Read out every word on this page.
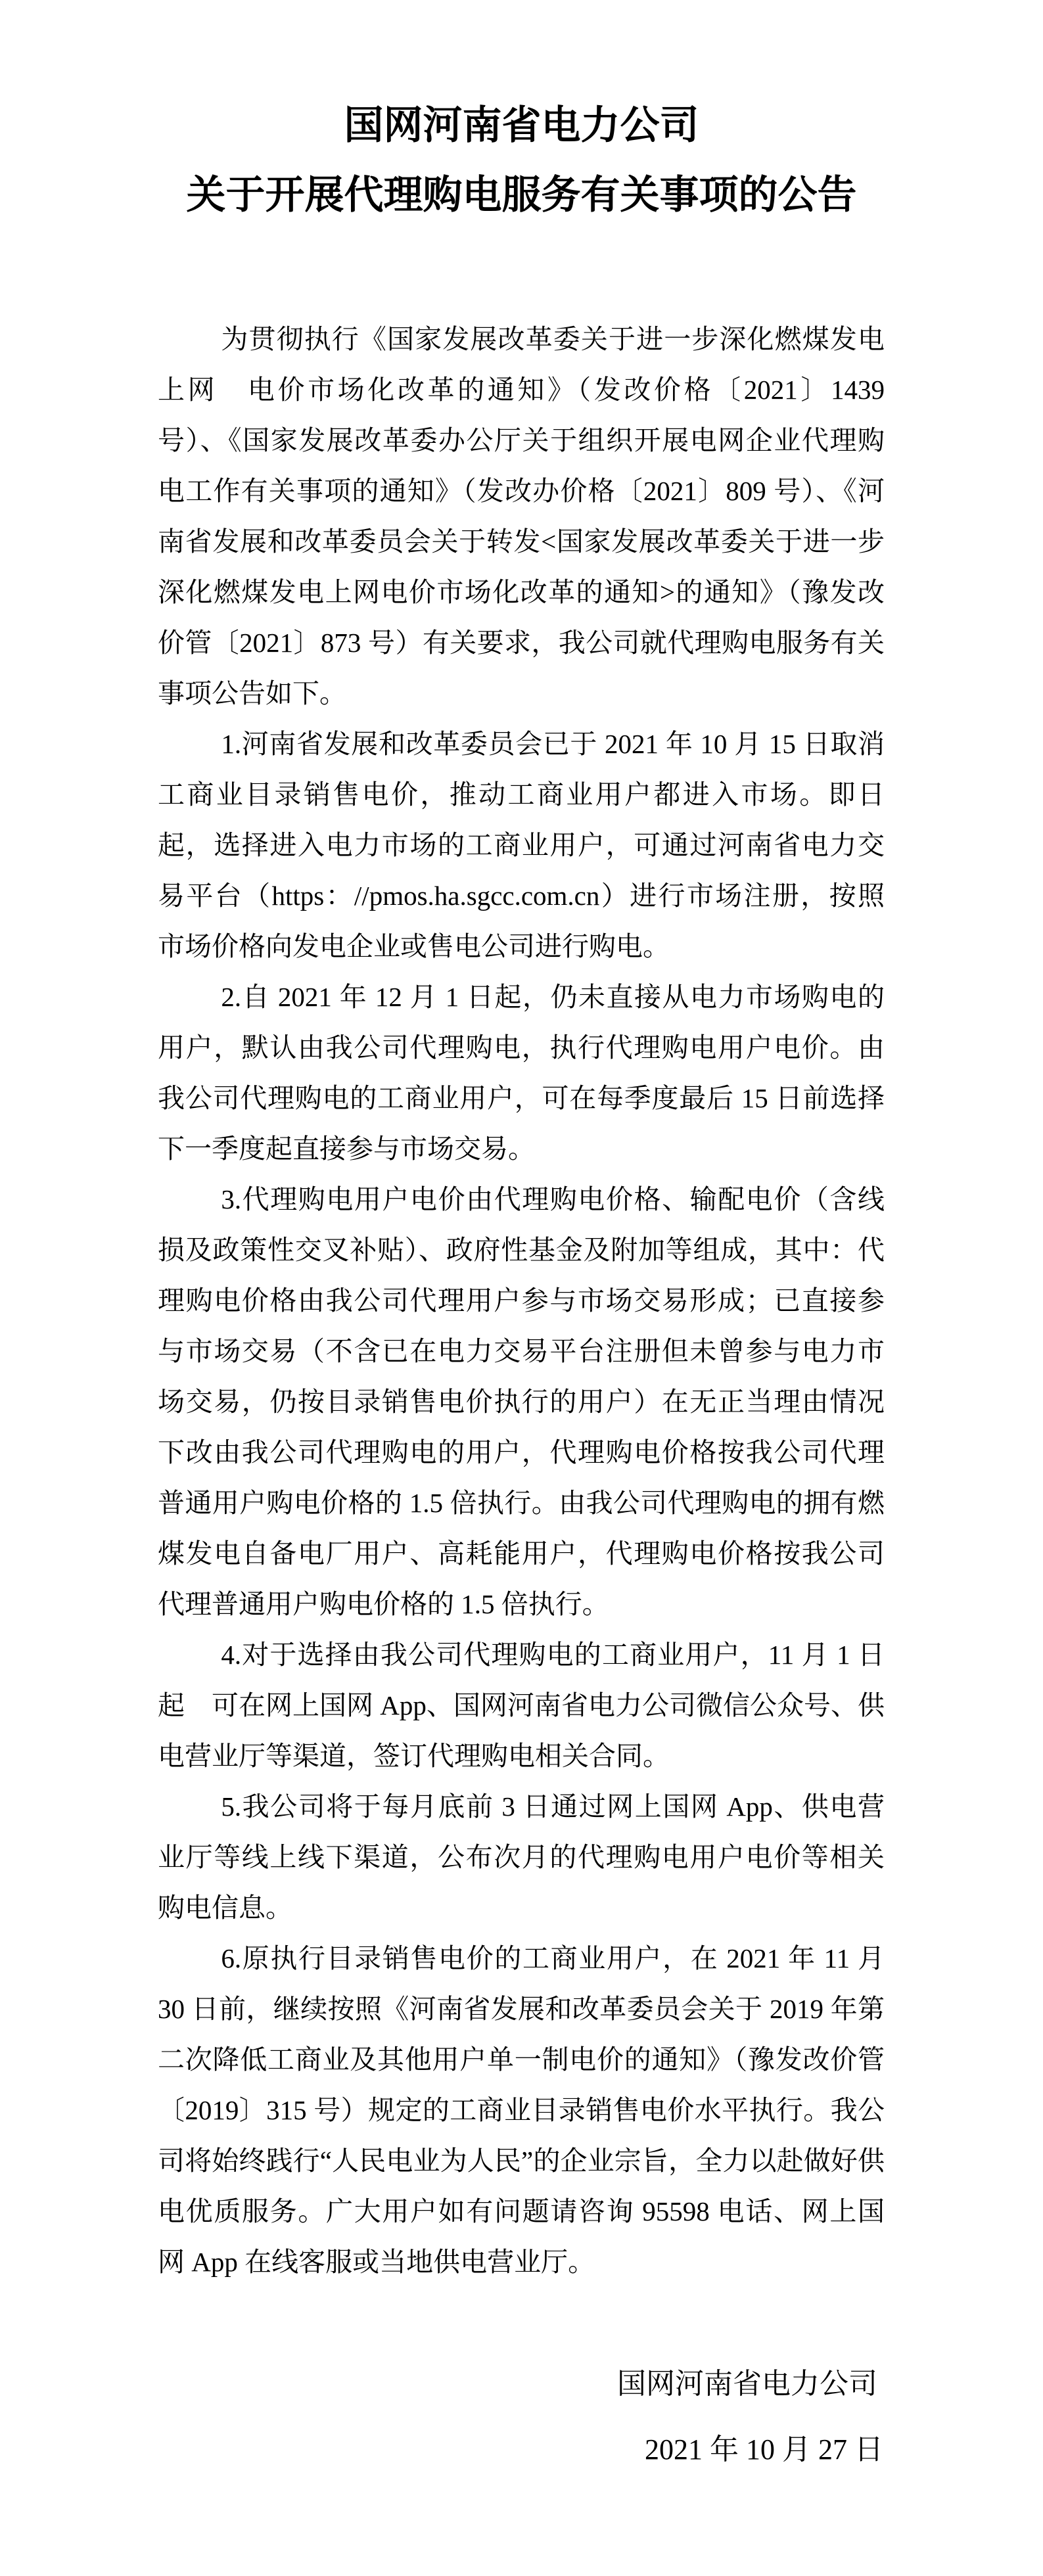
国网河南省电力公司
关于开展代理购电服务有关事项的公告

为贯彻执行《国家发展改革委关于进一步深化燃煤发电上网　电价市场化改革的通知》（发改价格〔2021〕1439 号）、《国家发展改革委办公厅关于组织开展电网企业代理购电工作有关事项的通知》（发改办价格〔2021〕809 号）、《河南省发展和改革委员会关于转发<国家发展改革委关于进一步深化燃煤发电上网电价市场化改革的通知>的通知》（豫发改价管〔2021〕873 号）有关要求，我公司就代理购电服务有关事项公告如下。

1.河南省发展和改革委员会已于 2021 年 10 月 15 日取消工商业目录销售电价，推动工商业用户都进入市场。即日起，选择进入电力市场的工商业用户，可通过河南省电力交易平台（https：//pmos.ha.sgcc.com.cn）进行市场注册，按照市场价格向发电企业或售电公司进行购电。

2.自 2021 年 12 月 1 日起，仍未直接从电力市场购电的用户，默认由我公司代理购电，执行代理购电用户电价。由我公司代理购电的工商业用户，可在每季度最后 15 日前选择下一季度起直接参与市场交易。

3.代理购电用户电价由代理购电价格、输配电价（含线损及政策性交叉补贴）、政府性基金及附加等组成，其中：代理购电价格由我公司代理用户参与市场交易形成；已直接参与市场交易（不含已在电力交易平台注册但未曾参与电力市场交易，仍按目录销售电价执行的用户）在无正当理由情况下改由我公司代理购电的用户，代理购电价格按我公司代理普通用户购电价格的 1.5 倍执行。由我公司代理购电的拥有燃煤发电自备电厂用户、高耗能用户，代理购电价格按我公司代理普通用户购电价格的 1.5 倍执行。

4.对于选择由我公司代理购电的工商业用户，11 月 1 日起　可在网上国网 App、国网河南省电力公司微信公众号、供电营业厅等渠道，签订代理购电相关合同。

5.我公司将于每月底前 3 日通过网上国网 App、供电营业厅等线上线下渠道，公布次月的代理购电用户电价等相关购电信息。

6.原执行目录销售电价的工商业用户，在 2021 年 11 月 30 日前，继续按照《河南省发展和改革委员会关于 2019 年第二次降低工商业及其他用户单一制电价的通知》（豫发改价管〔2019〕315 号）规定的工商业目录销售电价水平执行。我公司将始终践行“人民电业为人民”的企业宗旨，全力以赴做好供电优质服务。广大用户如有问题请咨询 95598 电话、网上国网 App 在线客服或当地供电营业厅。

国网河南省电力公司
2021 年 10 月 27 日
